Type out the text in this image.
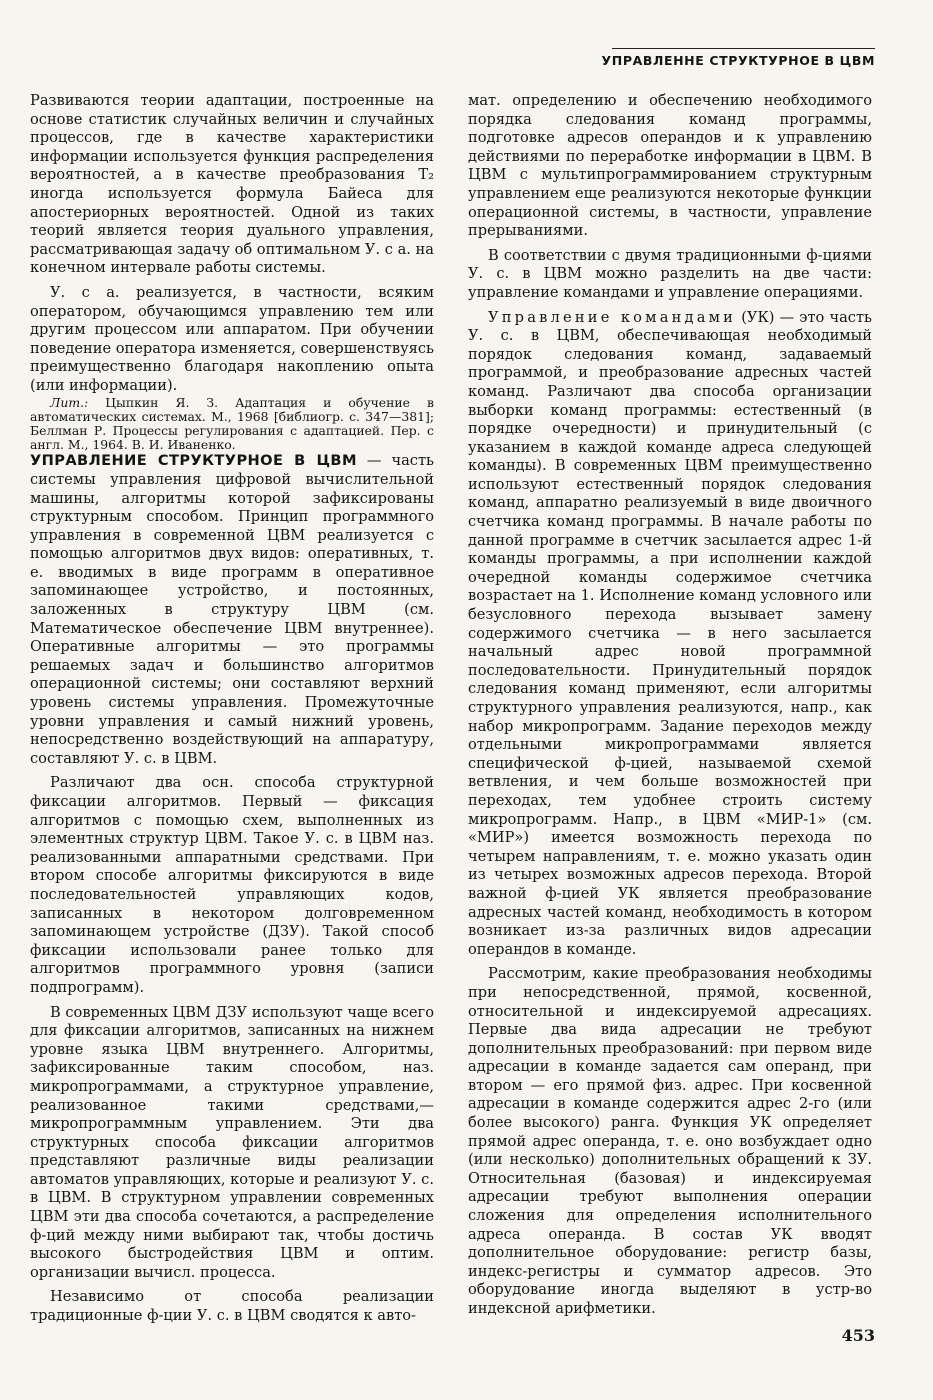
УПРАВЛЕННЕ СТРУКТУРНОЕ В ЦВМ

Развиваются теории адаптации, построенные на основе статистик случайных величин и случайных процессов, где в качестве характеристики информации используется функция распределения вероятностей, а в качестве преобразования T₂ иногда используется формула Байеса для апостериорных вероятностей. Одной из таких теорий является теория дуального управления, рассматривающая задачу об оптимальном У. с а. на конечном интервале работы системы.

У. с а. реализуется, в частности, всяким оператором, обучающимся управлению тем или другим процессом или аппаратом. При обучении поведение оператора изменяется, совершенствуясь преимущественно благодаря накоплению опыта (или информации).

Лит.: Цыпкин Я. З. Адаптация и обучение в автоматических системах. М., 1968 [библиогр. с. 347—381]; Беллман Р. Процессы регулирования с адаптацией. Пер. с англ. М., 1964. В. И. Иваненко.

УПРАВЛЕНИЕ СТРУКТУРНОЕ В ЦВМ — часть системы управления цифровой вычислительной машины, алгоритмы которой зафиксированы структурным способом. Принцип программного управления в современной ЦВМ реализуется с помощью алгоритмов двух видов: оперативных, т. е. вводимых в виде программ в оперативное запоминающее устройство, и постоянных, заложенных в структуру ЦВМ (см. Математическое обеспечение ЦВМ внутреннее). Оперативные алгоритмы — это программы решаемых задач и большинство алгоритмов операционной системы; они составляют верхний уровень системы управления. Промежуточные уровни управления и самый нижний уровень, непосредственно воздействующий на аппаратуру, составляют У. с. в ЦВМ.

Различают два осн. способа структурной фиксации алгоритмов. Первый — фиксация алгоритмов с помощью схем, выполненных из элементных структур ЦВМ. Такое У. с. в ЦВМ наз. реализованными аппаратными средствами. При втором способе алгоритмы фиксируются в виде последовательностей управляющих кодов, записанных в некотором долговременном запоминающем устройстве (ДЗУ). Такой способ фиксации использовали ранее только для алгоритмов программного уровня (записи подпрограмм).

В современных ЦВМ ДЗУ используют чаще всего для фиксации алгоритмов, записанных на нижнем уровне языка ЦВМ внутреннего. Алгоритмы, зафиксированные таким способом, наз. микропрограммами, а структурное управление, реализованное такими средствами,— микропрограммным управлением. Эти два структурных способа фиксации алгоритмов представляют различные виды реализации автоматов управляющих, которые и реализуют У. с. в ЦВМ. В структурном управлении современных ЦВМ эти два способа сочетаются, а распределение ф-ций между ними выбирают так, чтобы достичь высокого быстродействия ЦВМ и оптим. организации вычисл. процесса.

Независимо от способа реализации традиционные ф-ции У. с. в ЦВМ сводятся к авто-

мат. определению и обеспечению необходимого порядка следования команд программы, подготовке адресов операндов и к управлению действиями по переработке информации в ЦВМ. В ЦВМ с мультипрограммированием структурным управлением еще реализуются некоторые функции операционной системы, в частности, управление прерываниями.

В соответствии с двумя традиционными ф-циями У. с. в ЦВМ можно разделить на две части: управление командами и управление операциями.

Управление командами (УК) — это часть У. с. в ЦВМ, обеспечивающая необходимый порядок следования команд, задаваемый программой, и преобразование адресных частей команд. Различают два способа организации выборки команд программы: естественный (в порядке очередности) и принудительный (с указанием в каждой команде адреса следующей команды). В современных ЦВМ преимущественно используют естественный порядок следования команд, аппаратно реализуемый в виде двоичного счетчика команд программы. В начале работы по данной программе в счетчик засылается адрес 1-й команды программы, а при исполнении каждой очередной команды содержимое счетчика возрастает на 1. Исполнение команд условного или безусловного перехода вызывает замену содержимого счетчика — в него засылается начальный адрес новой программной последовательности. Принудительный порядок следования команд применяют, если алгоритмы структурного управления реализуются, напр., как набор микропрограмм. Задание переходов между отдельными микропрограммами является специфической ф-цией, называемой схемой ветвления, и чем больше возможностей при переходах, тем удобнее строить систему микропрограмм. Напр., в ЦВМ «МИР-1» (см. «МИР») имеется возможность перехода по четырем направлениям, т. е. можно указать один из четырех возможных адресов перехода. Второй важной ф-цией УК является преобразование адресных частей команд, необходимость в котором возникает из-за различных видов адресации операндов в команде.

Рассмотрим, какие преобразования необходимы при непосредственной, прямой, косвенной, относительной и индексируемой адресациях. Первые два вида адресации не требуют дополнительных преобразований: при первом виде адресации в команде задается сам операнд, при втором — его прямой физ. адрес. При косвенной адресации в команде содержится адрес 2-го (или более высокого) ранга. Функция УК определяет прямой адрес операнда, т. е. оно возбуждает одно (или несколько) дополнительных обращений к ЗУ. Относительная (базовая) и индексируемая адресации требуют выполнения операции сложения для определения исполнительного адреса операнда. В состав УК вводят дополнительное оборудование: регистр базы, индекс-регистры и сумматор адресов. Это оборудование иногда выделяют в устр-во индексной арифметики.

453
